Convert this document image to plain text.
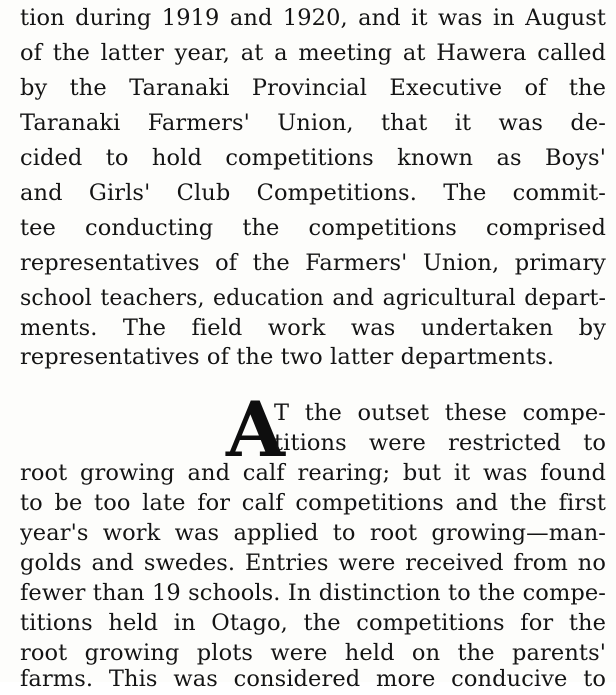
tion during 1919 and 1920, and it was in August
of the latter year, at a meeting at Hawera called
by the Taranaki Provincial Executive of the
Taranaki Farmers' Union, that it was de-
cided to hold competitions known as Boys'
and Girls' Club Competitions. The commit-
tee conducting the competitions comprised
representatives of the Farmers' Union, primary
school teachers, education and agricultural depart-
ments. The field work was undertaken by
representatives of the two latter departments.
A
T the outset these compe-
titions were restricted to
root growing and calf rearing; but it was found
to be too late for calf competitions and the first
year's work was applied to root growing—man-
golds and swedes. Entries were received from no
fewer than 19 schools. In distinction to the compe-
titions held in Otago, the competitions for the
root growing plots were held on the parents'
farms. This was considered more conducive to
